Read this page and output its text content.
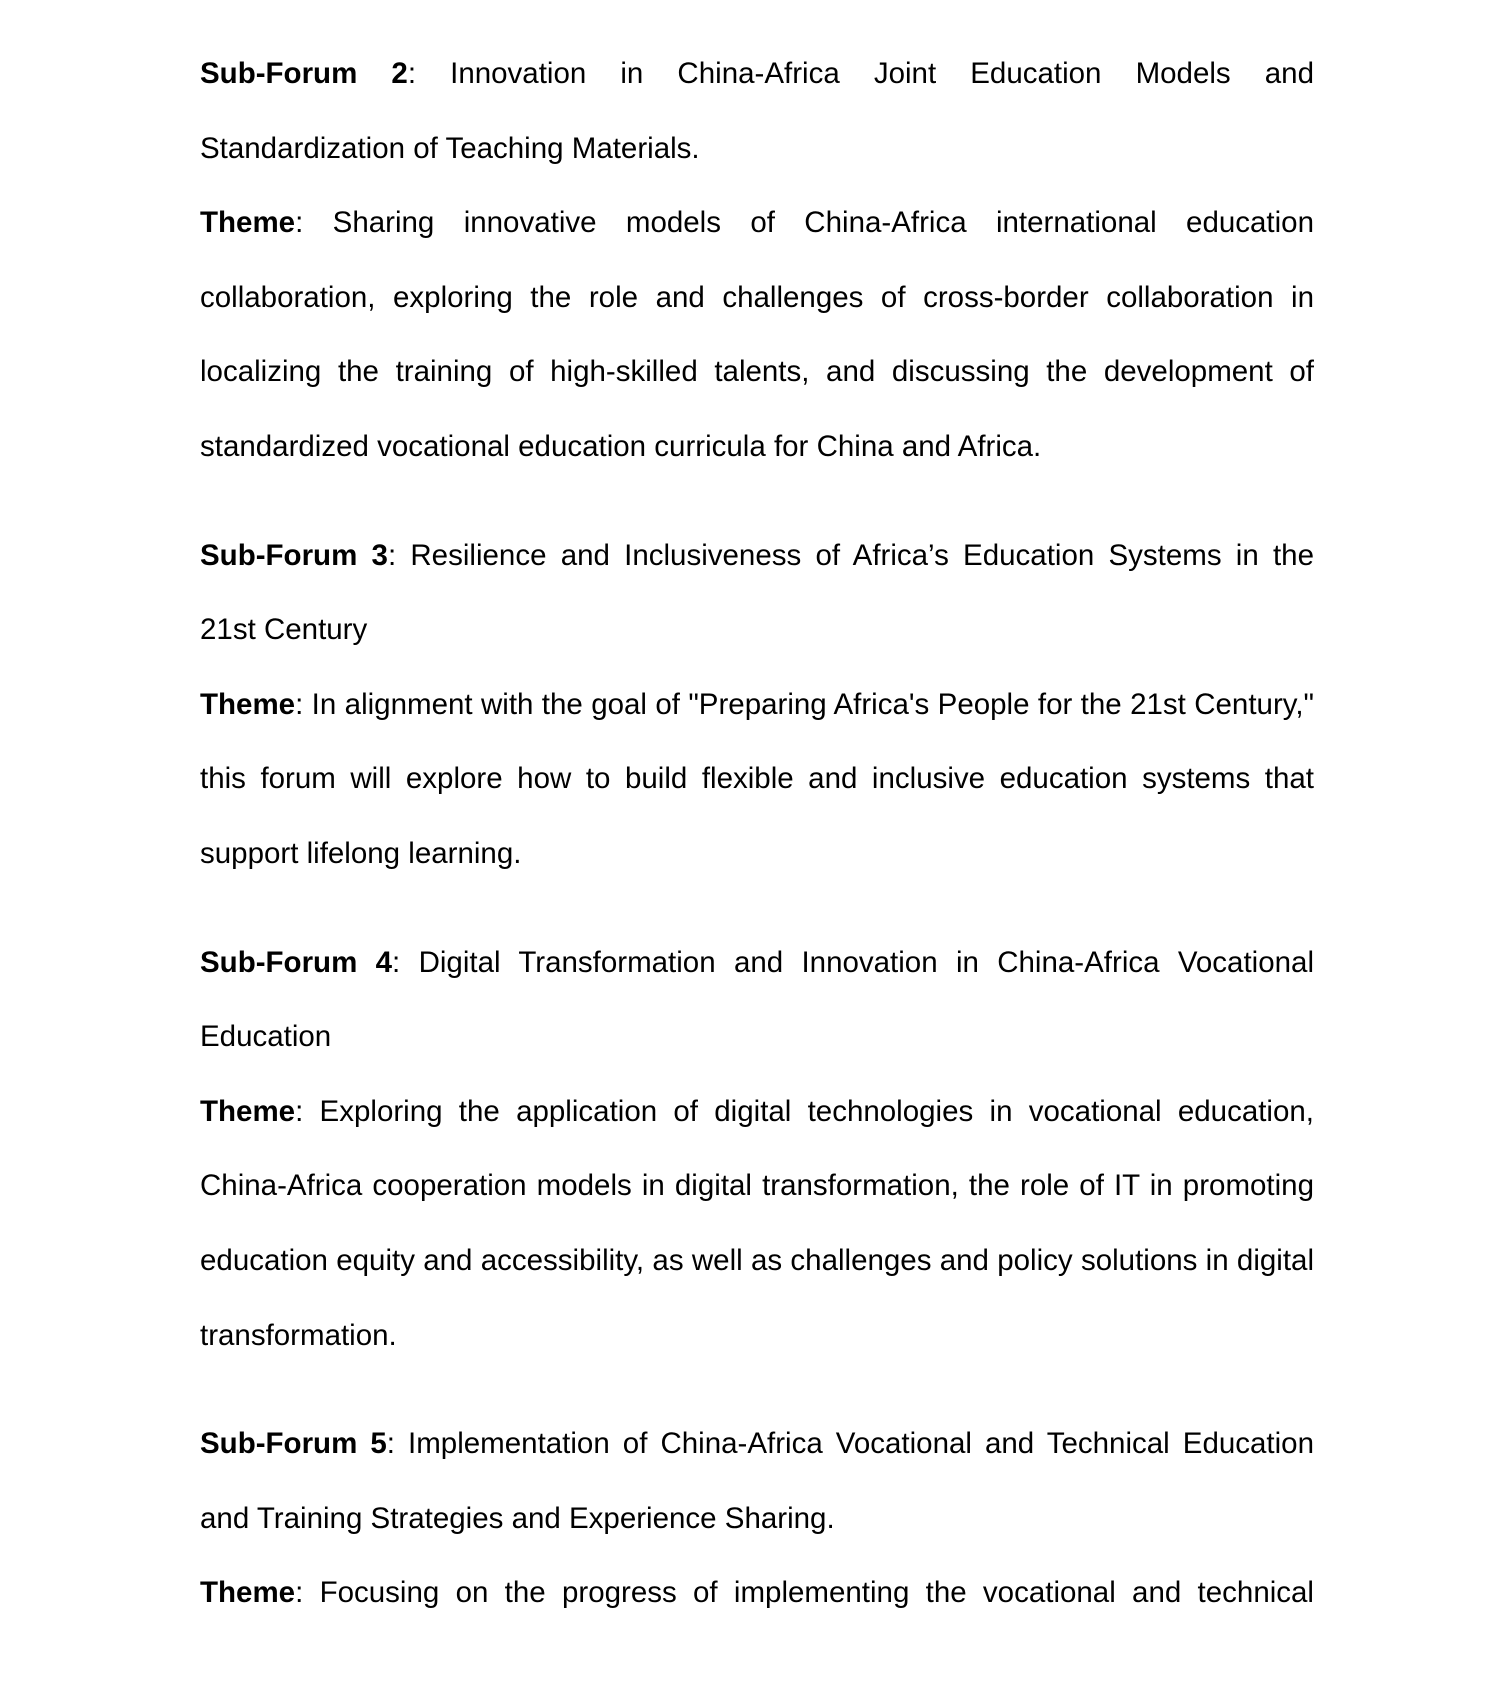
Sub-Forum 2: Innovation in China-Africa Joint Education Models and Standardization of Teaching Materials.

Theme: Sharing innovative models of China-Africa international education collaboration, exploring the role and challenges of cross-border collaboration in localizing the training of high-skilled talents, and discussing the development of standardized vocational education curricula for China and Africa.

Sub-Forum 3: Resilience and Inclusiveness of Africa’s Education Systems in the 21st Century

Theme: In alignment with the goal of "Preparing Africa's People for the 21st Century," this forum will explore how to build flexible and inclusive education systems that support lifelong learning.

Sub-Forum 4: Digital Transformation and Innovation in China-Africa Vocational Education

Theme: Exploring the application of digital technologies in vocational education, China-Africa cooperation models in digital transformation, the role of IT in promoting education equity and accessibility, as well as challenges and policy solutions in digital transformation.

Sub-Forum 5: Implementation of China-Africa Vocational and Technical Education and Training Strategies and Experience Sharing.

Theme: Focusing on the progress of implementing the vocational and technical
